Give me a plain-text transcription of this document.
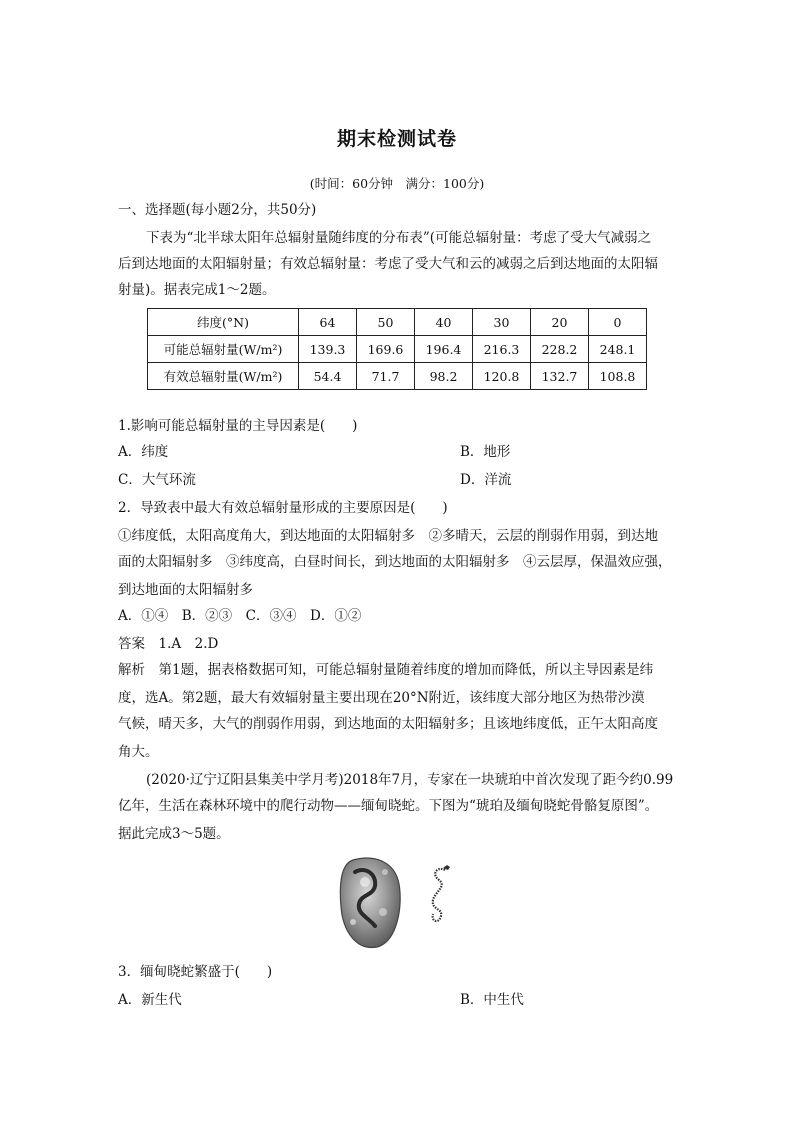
期末检测试卷
(时间：60分钟　满分：100分)
一、选择题(每小题2分，共50分)
下表为“北半球太阳年总辐射量随纬度的分布表”(可能总辐射量：考虑了受大气减弱之
后到达地面的太阳辐射量；有效总辐射量：考虑了受大气和云的减弱之后到达地面的太阳辐
射量)。据表完成1～2题。
纬度(°N)	64	50	40	30	20	0
可能总辐射量(W/m²)	139.3	169.6	196.4	216.3	228.2	248.1
有效总辐射量(W/m²)	54.4	71.7	98.2	120.8	132.7	108.8
1.影响可能总辐射量的主导因素是(　　)
A．纬度	B．地形
C．大气环流	D．洋流
2．导致表中最大有效总辐射量形成的主要原因是(　　)
①纬度低，太阳高度角大，到达地面的太阳辐射多　②多晴天，云层的削弱作用弱，到达地
面的太阳辐射多　③纬度高，白昼时间长，到达地面的太阳辐射多　④云层厚，保温效应强，
到达地面的太阳辐射多
A．①④　B．②③　C．③④　D．①②
答案　1.A　2.D
解析　第1题，据表格数据可知，可能总辐射量随着纬度的增加而降低，所以主导因素是纬
度，选A。第2题，最大有效辐射量主要出现在20°N附近，该纬度大部分地区为热带沙漠
气候，晴天多，大气的削弱作用弱，到达地面的太阳辐射多；且该地纬度低，正午太阳高度
角大。
(2020·辽宁辽阳县集美中学月考)2018年7月，专家在一块琥珀中首次发现了距今约0.99
亿年，生活在森林环境中的爬行动物——缅甸晓蛇。下图为“琥珀及缅甸晓蛇骨骼复原图”。
据此完成3～5题。
3．缅甸晓蛇繁盛于(　　)
A．新生代	B．中生代
